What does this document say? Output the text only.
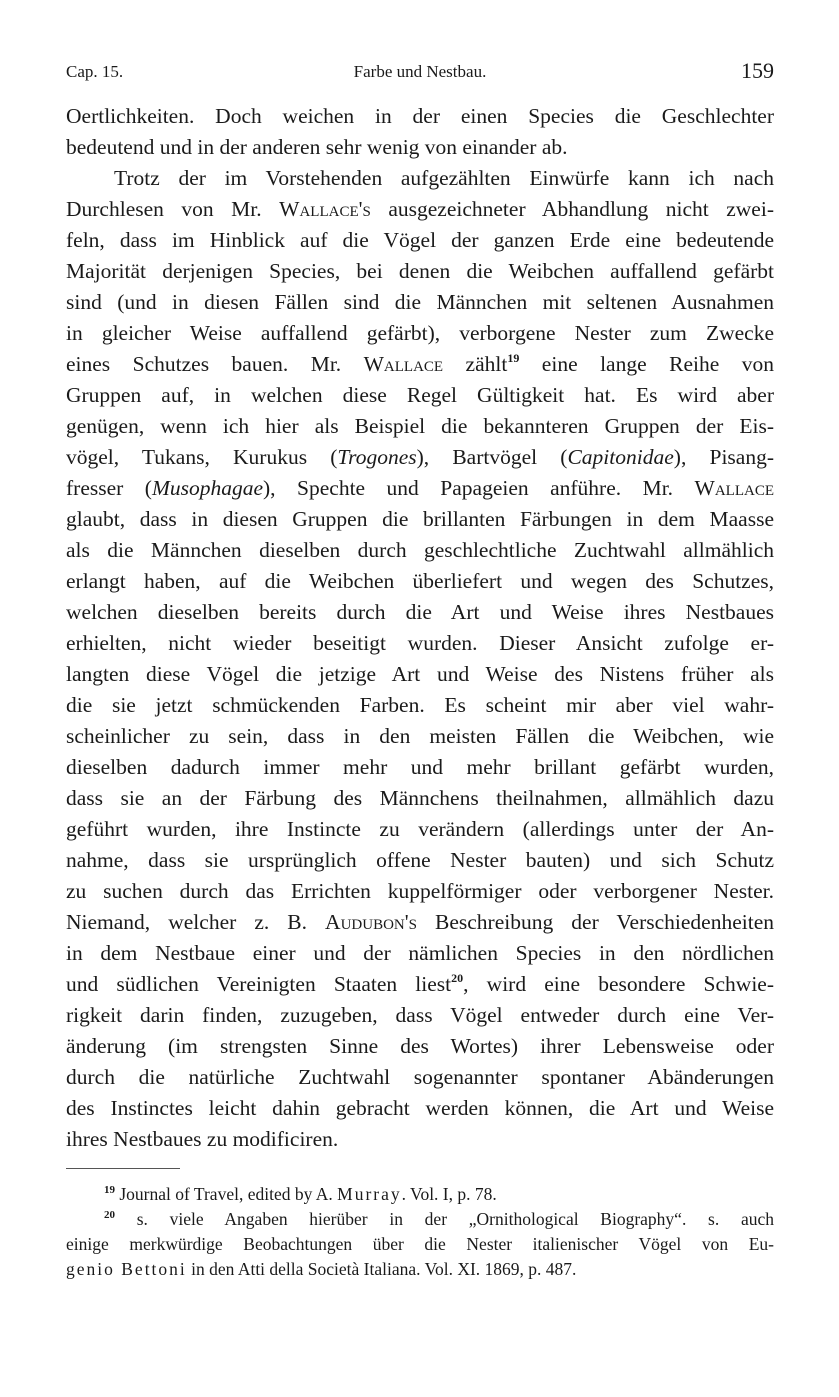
Cap. 15.	Farbe und Nestbau.	159
Oertlichkeiten. Doch weichen in der einen Species die Geschlechter
bedeutend und in der anderen sehr wenig von einander ab.
Trotz der im Vorstehenden aufgezählten Einwürfe kann ich nach
Durchlesen von Mr. Wallace's ausgezeichneter Abhandlung nicht zwei-
feln, dass im Hinblick auf die Vögel der ganzen Erde eine bedeutende
Majorität derjenigen Species, bei denen die Weibchen auffallend gefärbt
sind (und in diesen Fällen sind die Männchen mit seltenen Ausnahmen
in gleicher Weise auffallend gefärbt), verborgene Nester zum Zwecke
eines Schutzes bauen. Mr. Wallace zählt$^{19}$ eine lange Reihe von
Gruppen auf, in welchen diese Regel Gültigkeit hat. Es wird aber
genügen, wenn ich hier als Beispiel die bekannteren Gruppen der Eis-
vögel, Tukans, Kurukus (Trogones), Bartvögel (Capitonidae), Pisang-
fresser (Musophagae), Spechte und Papageien anführe. Mr. Wallace
glaubt, dass in diesen Gruppen die brillanten Färbungen in dem Maasse
als die Männchen dieselben durch geschlechtliche Zuchtwahl allmählich
erlangt haben, auf die Weibchen überliefert und wegen des Schutzes,
welchen dieselben bereits durch die Art und Weise ihres Nestbaues
erhielten, nicht wieder beseitigt wurden. Dieser Ansicht zufolge er-
langten diese Vögel die jetzige Art und Weise des Nistens früher als
die sie jetzt schmückenden Farben. Es scheint mir aber viel wahr-
scheinlicher zu sein, dass in den meisten Fällen die Weibchen, wie
dieselben dadurch immer mehr und mehr brillant gefärbt wurden,
dass sie an der Färbung des Männchens theilnahmen, allmählich dazu
geführt wurden, ihre Instincte zu verändern (allerdings unter der An-
nahme, dass sie ursprünglich offene Nester bauten) und sich Schutz
zu suchen durch das Errichten kuppelförmiger oder verborgener Nester.
Niemand, welcher z. B. Audubon's Beschreibung der Verschiedenheiten
in dem Nestbaue einer und der nämlichen Species in den nördlichen
und südlichen Vereinigten Staaten liest$^{20}$, wird eine besondere Schwie-
rigkeit darin finden, zuzugeben, dass Vögel entweder durch eine Ver-
änderung (im strengsten Sinne des Wortes) ihrer Lebensweise oder
durch die natürliche Zuchtwahl sogenannter spontaner Abänderungen
des Instinctes leicht dahin gebracht werden können, die Art und Weise
ihres Nestbaues zu modificiren.
$^{19}$ Journal of Travel, edited by A. Murray. Vol. I, p. 78.
$^{20}$ s. viele Angaben hierüber in der „Ornithological Biography“. s. auch
einige merkwürdige Beobachtungen über die Nester italienischer Vögel von Eu-
genio Bettoni in den Atti della Società Italiana. Vol. XI. 1869, p. 487.
